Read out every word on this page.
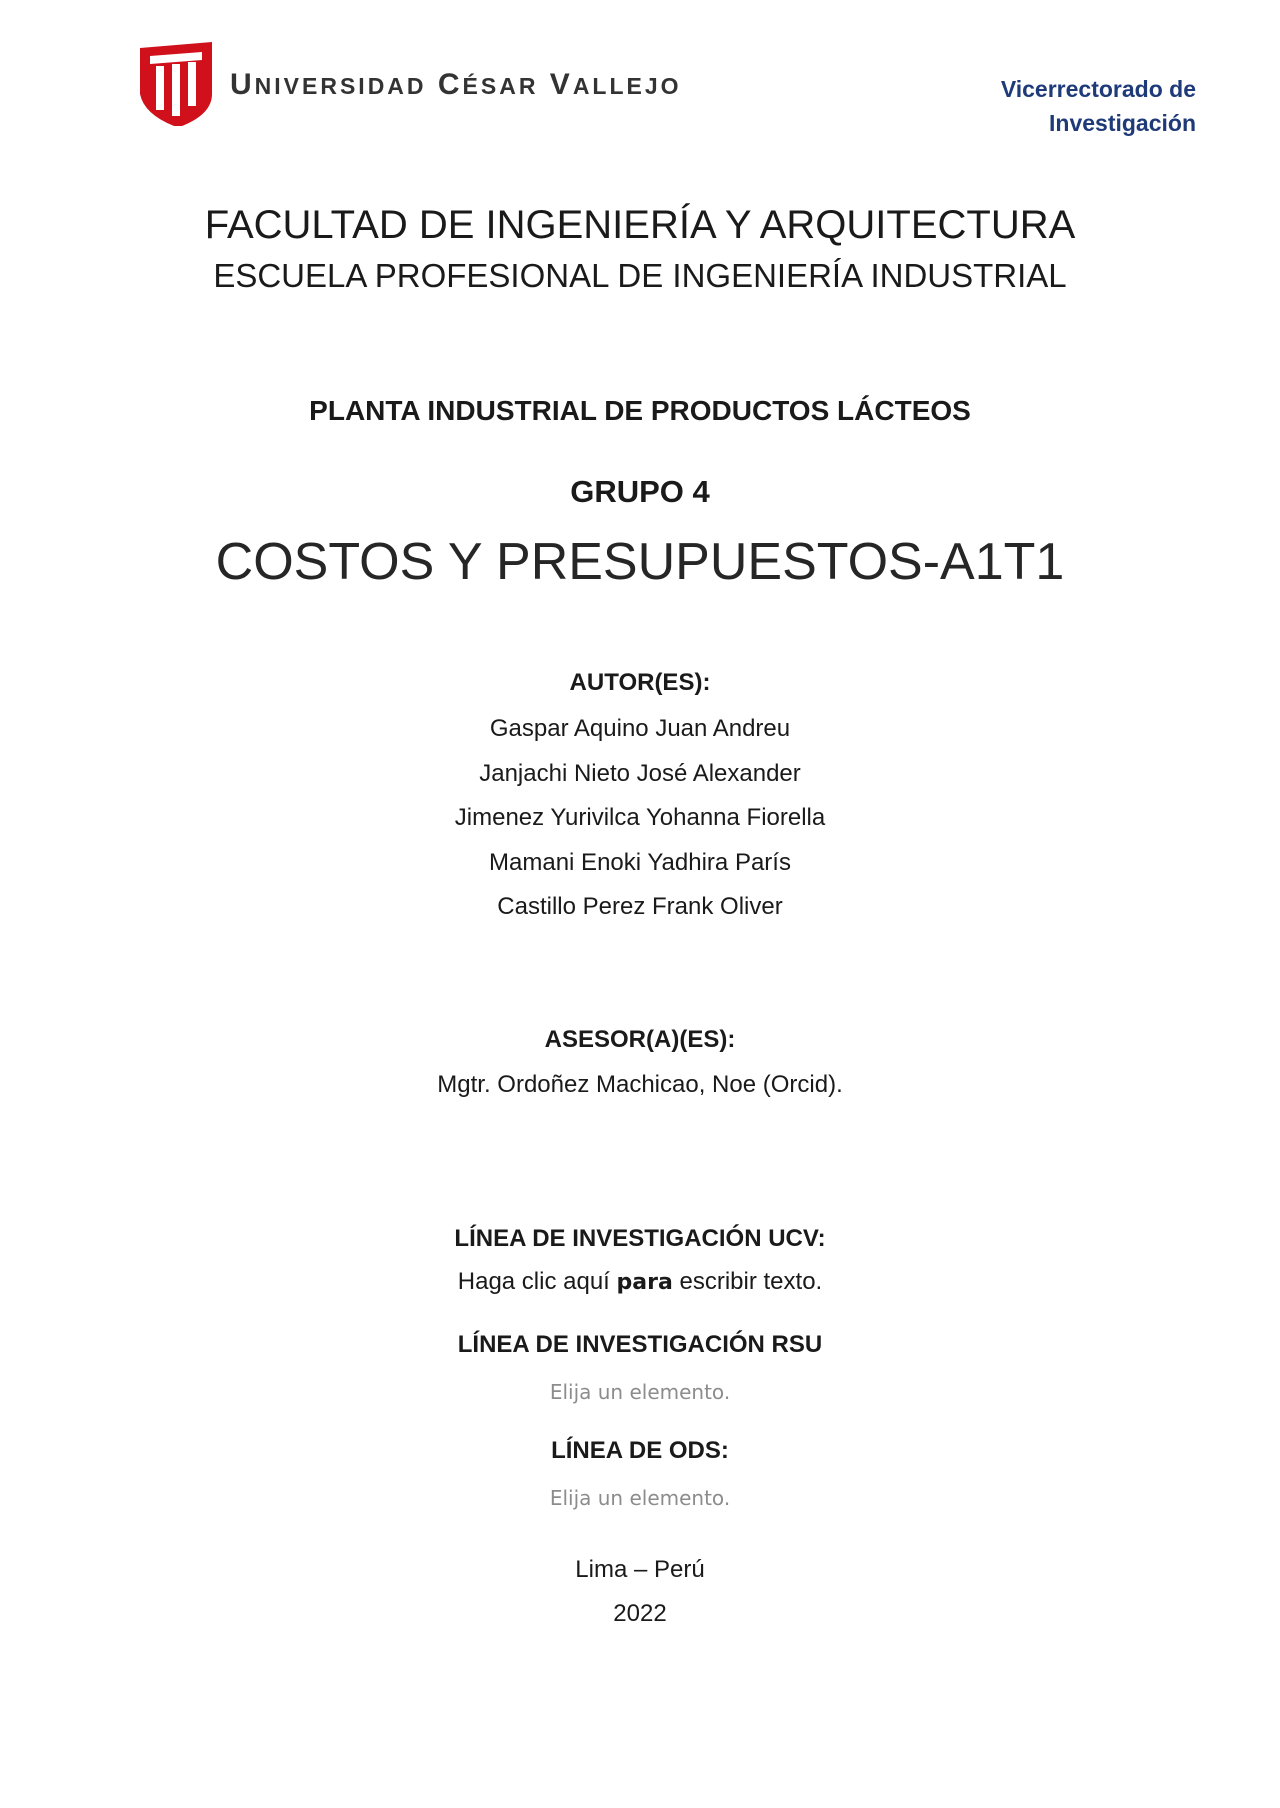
UNIVERSIDAD CÉSAR VALLEJO	Vicerrectorado de
Investigación
FACULTAD DE INGENIERÍA Y ARQUITECTURA
ESCUELA PROFESIONAL DE INGENIERÍA INDUSTRIAL
PLANTA INDUSTRIAL DE PRODUCTOS LÁCTEOS
GRUPO 4
COSTOS Y PRESUPUESTOS-A1T1
AUTOR(ES):
Gaspar Aquino Juan Andreu
Janjachi Nieto José Alexander
Jimenez Yurivilca Yohanna Fiorella
Mamani Enoki Yadhira París
Castillo Perez Frank Oliver
ASESOR(A)(ES):
Mgtr. Ordoñez Machicao, Noe (Orcid).
LÍNEA DE INVESTIGACIÓN UCV:
Haga clic aquí para escribir texto.
LÍNEA DE INVESTIGACIÓN RSU
Elija un elemento.
LÍNEA DE ODS:
Elija un elemento.
Lima – Perú
2022
